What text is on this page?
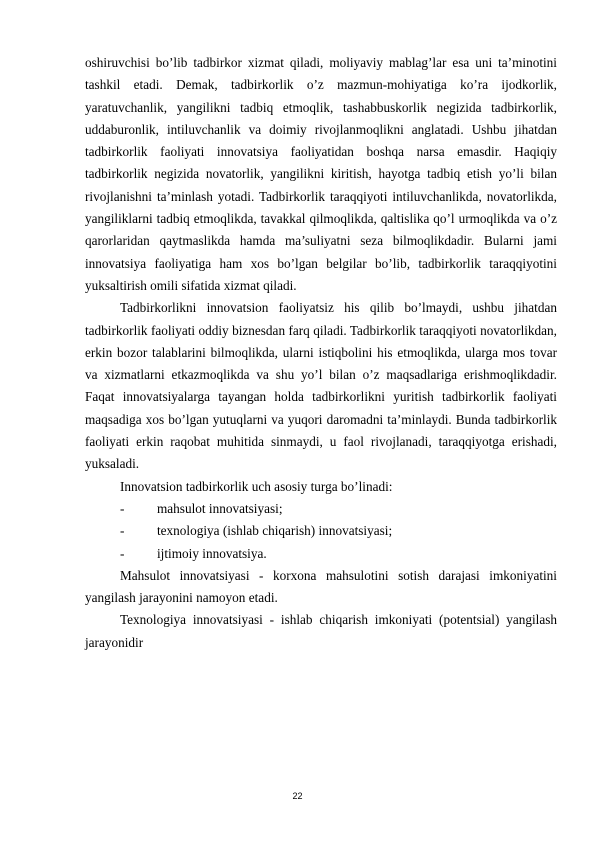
oshiruvchisi bo’lib tadbirkor xizmat qiladi, moliyaviy mablag’lar esa uni ta’minotini tashkil etadi. Demak, tadbirkorlik o’z mazmun-mohiyatiga ko’ra ijodkorlik, yaratuvchanlik, yangilikni tadbiq etmoqlik, tashabbuskorlik negizida tadbirkorlik, uddaburonlik, intiluvchanlik va doimiy rivojlanmoqlikni anglatadi. Ushbu jihatdan tadbirkorlik faoliyati innovatsiya faoliyatidan boshqa narsa emasdir. Haqiqiy tadbirkorlik negizida novatorlik, yangilikni kiritish, hayotga tadbiq etish yo’li bilan rivojlanishni ta’minlash yotadi. Tadbirkorlik taraqqiyoti intiluvchanlikda, novatorlikda, yangiliklarni tadbiq etmoqlikda, tavakkal qilmoqlikda, qaltislika qo’l urmoqlikda va o’z qarorlaridan qaytmaslikda hamda ma’suliyatni seza bilmoqlikdadir. Bularni jami innovatsiya faoliyatiga ham xos bo’lgan belgilar bo’lib, tadbirkorlik taraqqiyotini yuksaltirish omili sifatida xizmat qiladi.

Tadbirkorlikni innovatsion faoliyatsiz his qilib bo’lmaydi, ushbu jihatdan tadbirkorlik faoliyati oddiy biznesdan farq qiladi. Tadbirkorlik taraqqiyoti novatorlikdan, erkin bozor talablarini bilmoqlikda, ularni istiqbolini his etmoqlikda, ularga mos tovar va xizmatlarni etkazmoqlikda va shu yo’l bilan o’z maqsadlariga erishmoqlikdadir. Faqat innovatsiyalarga tayangan holda tadbirkorlikni yuritish tadbirkorlik faoliyati maqsadiga xos bo’lgan yutuqlarni va yuqori daromadni ta’minlaydi. Bunda tadbirkorlik faoliyati erkin raqobat muhitida sinmaydi, u faol rivojlanadi, taraqqiyotga erishadi, yuksaladi.

Innovatsion tadbirkorlik uch asosiy turga bo’linadi:

- mahsulot innovatsiyasi;

- texnologiya (ishlab chiqarish) innovatsiyasi;

- ijtimoiy innovatsiya.

Mahsulot innovatsiyasi - korxona mahsulotini sotish darajasi imkoniyatini yangilash jarayonini namoyon etadi.

Texnologiya innovatsiyasi - ishlab chiqarish imkoniyati (potentsial) yangilash jarayonidir

22
